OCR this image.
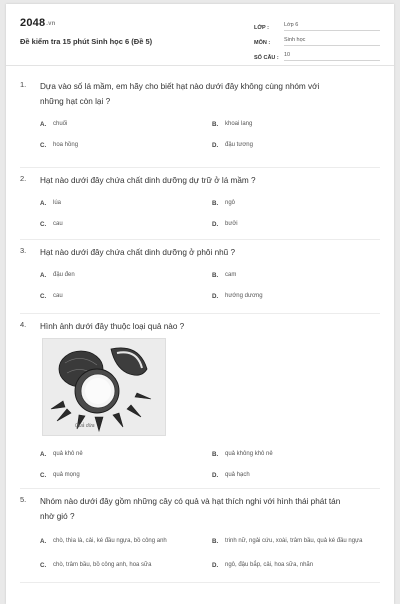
2048.vn
Đề kiểm tra 15 phút Sinh học 6 (Đề 5)
LỚP :	Lớp 6
MÔN :	Sinh học
SỐ CÂU : 10
1. Dựa vào số lá mầm, em hãy cho biết hạt nào dưới đây không cùng nhóm với
những hạt còn lại ?
A.	chuối	B.	khoai lang
C.	hoa hồng	D.	đậu tương
2. Hạt nào dưới đây chứa chất dinh dưỡng dự trữ ở lá mầm ?
A.	lúa	B.	ngô
C.	cau	D.	bưởi
3. Hạt nào dưới đây chứa chất dinh dưỡng ở phôi nhũ ?
A.	đậu đen	B.	cam
C.	cau	D.	hướng dương
4. Hình ảnh dưới đây thuộc loại quả nào ?
Quả dừa
A.	quả khô nẻ	B.	quả không khô nẻ
C.	quả mọng	D.	quả hạch
5. Nhóm nào dưới đây gồm những cây có quả và hạt thích nghi với hình thái phát tán
nhờ gió ?
A.	chò, thìa là, cải, ké đầu ngựa, bồ công anh	B.	trinh nữ, ngải cứu, xoài, trâm bầu, quả ké đầu ngựa
C.	chò, trâm bầu, bồ công anh, hoa sữa	D.	ngô, đậu bắp, cải, hoa sữa, nhãn
